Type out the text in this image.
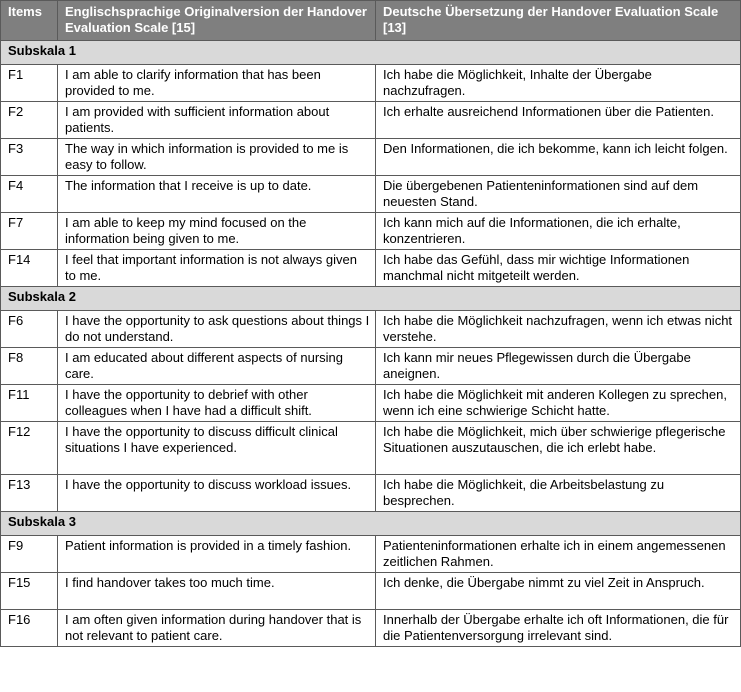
Items	Englischsprachige Originalversion der Handover Evaluation Scale [15]	Deutsche Übersetzung der Handover Evaluation Scale [13]
Subskala 1		
F1	I am able to clarify information that has been provided to me.	Ich habe die Möglichkeit, Inhalte der Übergabe nachzufragen.
F2	I am provided with sufficient information about patients.	Ich erhalte ausreichend Informationen über die Patienten.
F3	The way in which information is provided to me is easy to follow.	Den Informationen, die ich bekomme, kann ich leicht folgen.
F4	The information that I receive is up to date.	Die übergebenen Patienteninformationen sind auf dem neuesten Stand.
F7	I am able to keep my mind focused on the information being given to me.	Ich kann mich auf die Informationen, die ich erhalte, konzentrieren.
F14	I feel that important information is not always given to me.	Ich habe das Gefühl, dass mir wichtige Informationen manchmal nicht mitgeteilt werden.
Subskala 2		
F6	I have the opportunity to ask questions about things I do not understand.	Ich habe die Möglichkeit nachzufragen, wenn ich etwas nicht verstehe.
F8	I am educated about different aspects of nursing care.	Ich kann mir neues Pflegewissen durch die Übergabe aneignen.
F11	I have the opportunity to debrief with other colleagues when I have had a difficult shift.	Ich habe die Möglichkeit mit anderen Kollegen zu sprechen, wenn ich eine schwierige Schicht hatte.
F12	I have the opportunity to discuss difficult clinical situations I have experienced.	Ich habe die Möglichkeit, mich über schwierige pflegerische Situationen auszutauschen, die ich erlebt habe.
F13	I have the opportunity to discuss workload issues.	Ich habe die Möglichkeit, die Arbeitsbelastung zu besprechen.
Subskala 3		
F9	Patient information is provided in a timely fashion.	Patienteninformationen erhalte ich in einem angemessenen zeitlichen Rahmen.
F15	I find handover takes too much time.	Ich denke, die Übergabe nimmt zu viel Zeit in Anspruch.
F16	I am often given information during handover that is not relevant to patient care.	Innerhalb der Übergabe erhalte ich oft Informationen, die für die Patientenversorgung irrelevant sind.
